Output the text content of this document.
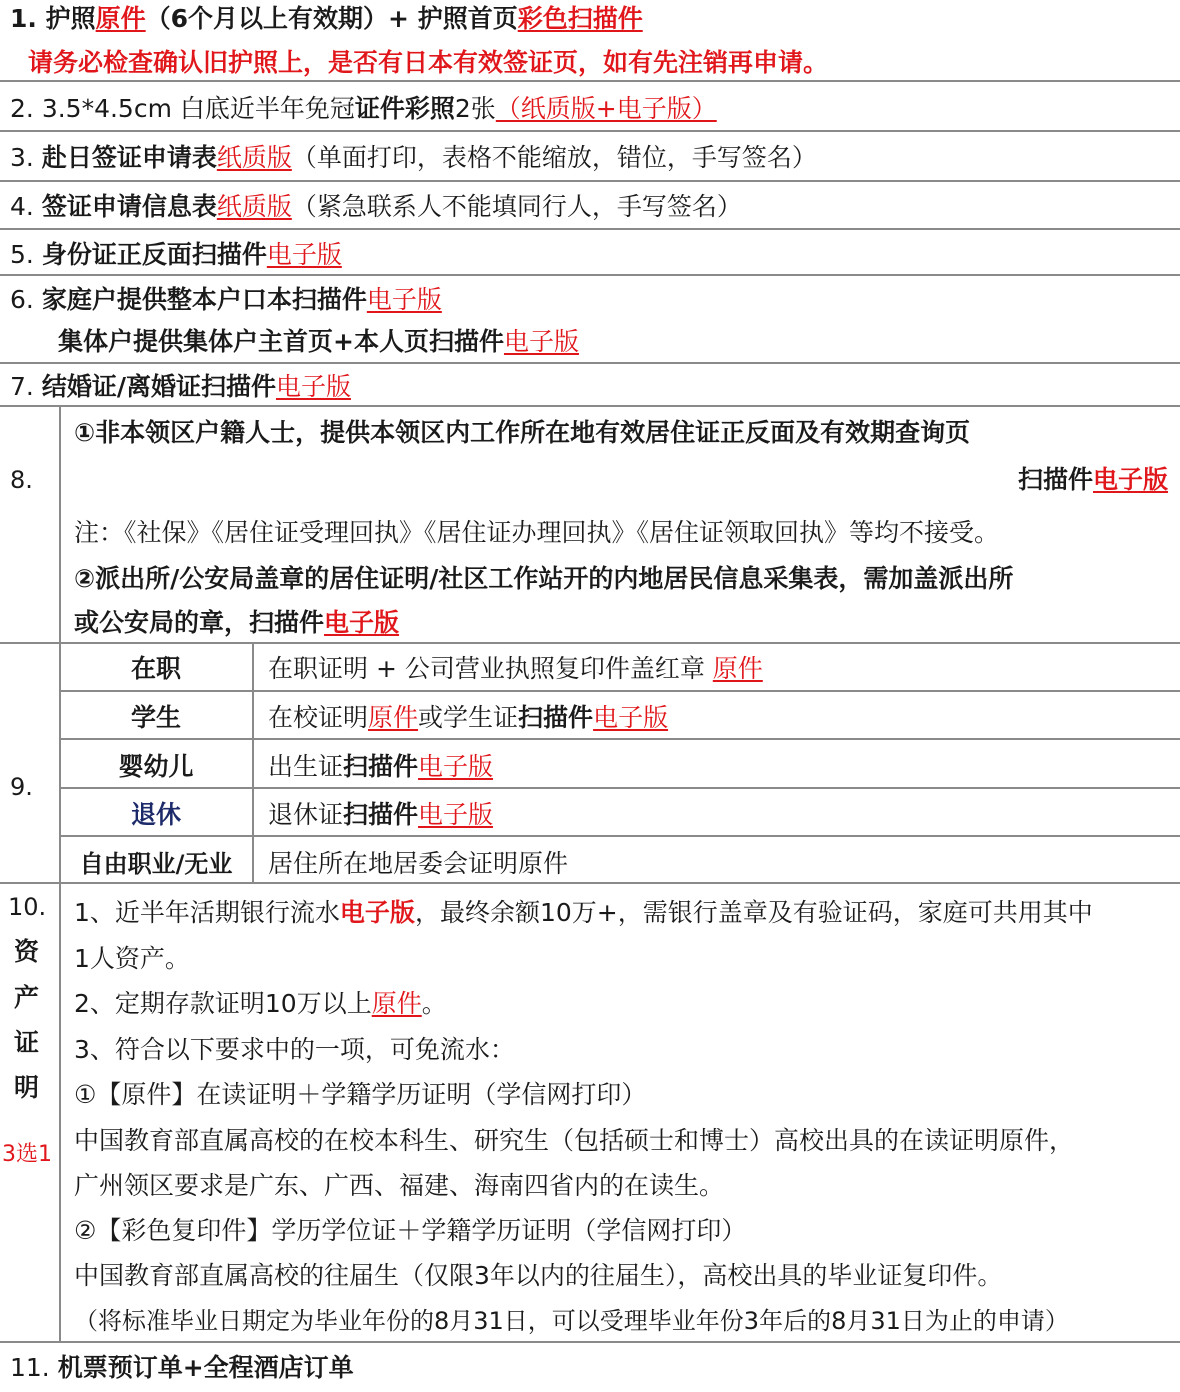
1. 护照原件（6个月以上有效期）+ 护照首页彩色扫描件
请务必检查确认旧护照上，是否有日本有效签证页，如有先注销再申请。
2. 3.5*4.5cm 白底近半年免冠证件彩照2张（纸质版+电子版）
3. 赴日签证申请表纸质版（单面打印，表格不能缩放，错位，手写签名）
4. 签证申请信息表纸质版（紧急联系人不能填同行人，手写签名）
5. 身份证正反面扫描件电子版
6. 家庭户提供整本户口本扫描件电子版
集体户提供集体户主首页+本人页扫描件电子版
7. 结婚证/离婚证扫描件电子版
8.
①非本领区户籍人士，提供本领区内工作所在地有效居住证正反面及有效期查询页
扫描件电子版
注：《社保》《居住证受理回执》《居住证办理回执》《居住证领取回执》等均不接受。
②派出所/公安局盖章的居住证明/社区工作站开的内地居民信息采集表，需加盖派出所
或公安局的章，扫描件电子版
9.
在职	在职证明 + 公司营业执照复印件盖红章 原件
学生	在校证明原件或学生证扫描件电子版
婴幼儿	出生证扫描件电子版
退休	退休证扫描件电子版
自由职业/无业	居住所在地居委会证明原件
10.
资
产
证
明
3选1
1、近半年活期银行流水电子版，最终余额10万+，需银行盖章及有验证码，家庭可共用其中
1人资产。
2、定期存款证明10万以上原件。
3、符合以下要求中的一项，可免流水：
①【原件】在读证明＋学籍学历证明（学信网打印）
中国教育部直属高校的在校本科生、研究生（包括硕士和博士）高校出具的在读证明原件，
广州领区要求是广东、广西、福建、海南四省内的在读生。
②【彩色复印件】学历学位证＋学籍学历证明（学信网打印）
中国教育部直属高校的往届生（仅限3年以内的往届生），高校出具的毕业证复印件。
（将标准毕业日期定为毕业年份的8月31日，可以受理毕业年份3年后的8月31日为止的申请）
11. 机票预订单+全程酒店订单
